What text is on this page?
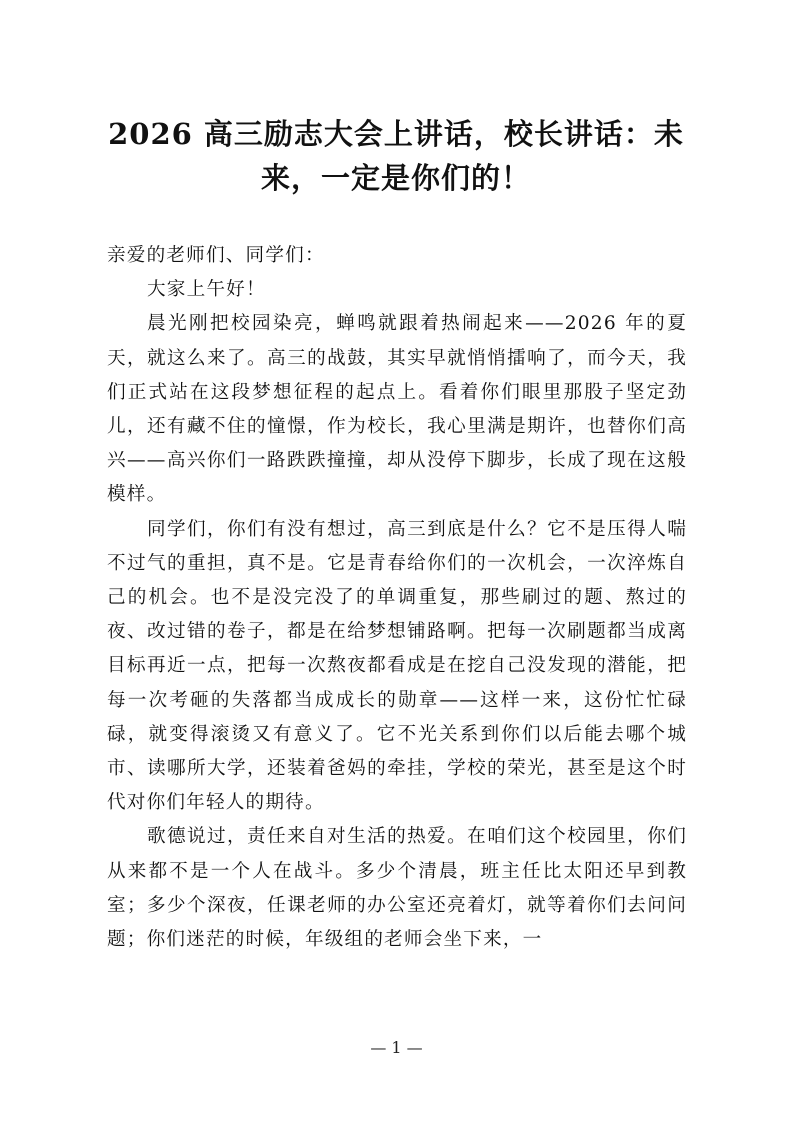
2026 高三励志大会上讲话，校长讲话：未来，一定是你们的！

亲爱的老师们、同学们：

大家上午好！

晨光刚把校园染亮，蝉鸣就跟着热闹起来——2026 年的夏天，就这么来了。高三的战鼓，其实早就悄悄擂响了，而今天，我们正式站在这段梦想征程的起点上。看着你们眼里那股子坚定劲儿，还有藏不住的憧憬，作为校长，我心里满是期许，也替你们高兴——高兴你们一路跌跌撞撞，却从没停下脚步，长成了现在这般模样。

同学们，你们有没有想过，高三到底是什么？它不是压得人喘不过气的重担，真不是。它是青春给你们的一次机会，一次淬炼自己的机会。也不是没完没了的单调重复，那些刷过的题、熬过的夜、改过错的卷子，都是在给梦想铺路啊。把每一次刷题都当成离目标再近一点，把每一次熬夜都看成是在挖自己没发现的潜能，把每一次考砸的失落都当成成长的勋章——这样一来，这份忙忙碌碌，就变得滚烫又有意义了。它不光关系到你们以后能去哪个城市、读哪所大学，还装着爸妈的牵挂，学校的荣光，甚至是这个时代对你们年轻人的期待。

歌德说过，责任来自对生活的热爱。在咱们这个校园里，你们从来都不是一个人在战斗。多少个清晨，班主任比太阳还早到教室；多少个深夜，任课老师的办公室还亮着灯，就等着你们去问问题；你们迷茫的时候，年级组的老师会坐下来，一

— 1 —
